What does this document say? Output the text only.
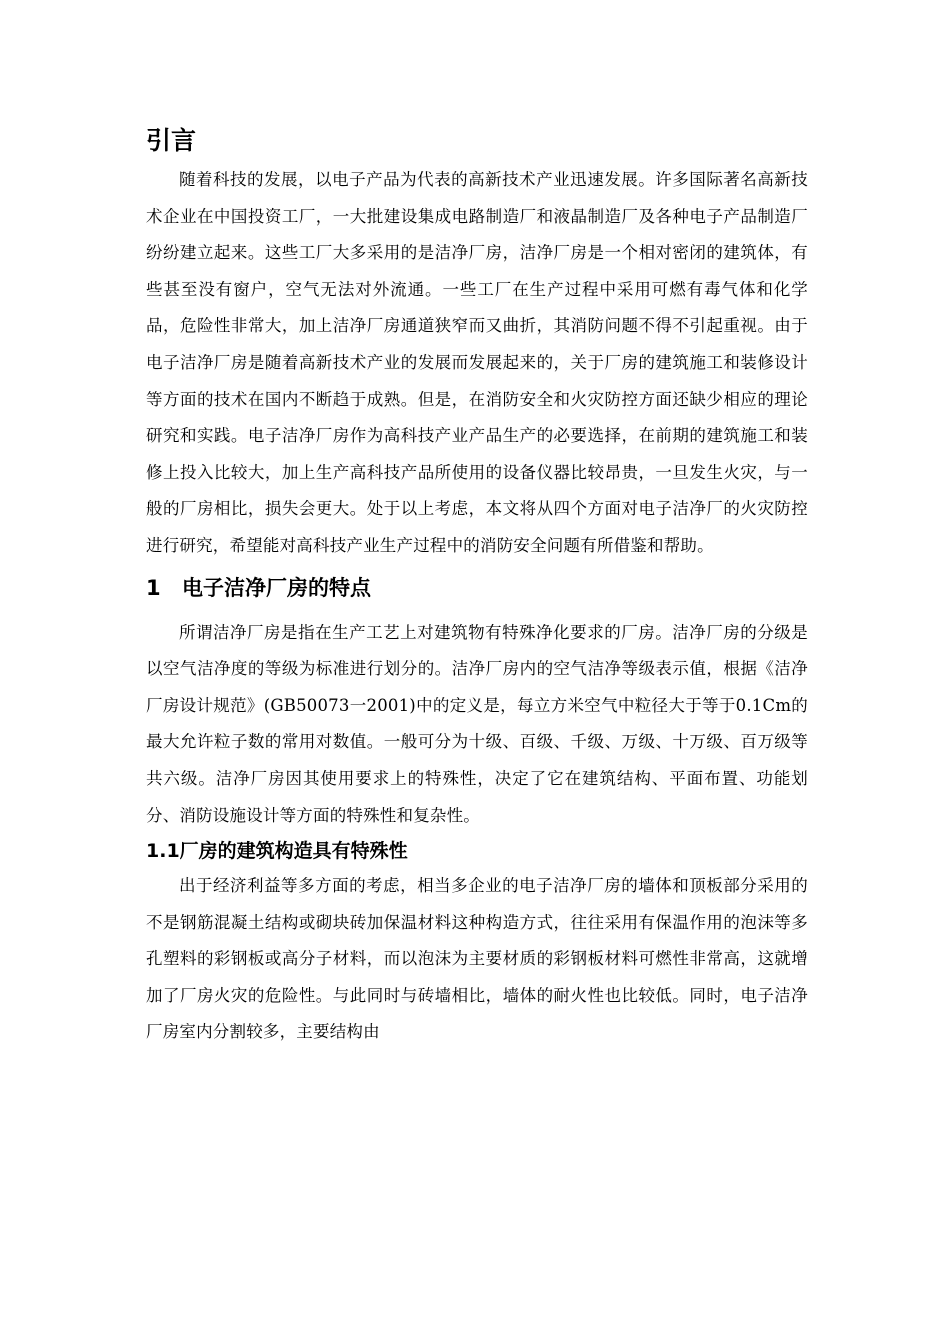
引言

随着科技的发展，以电子产品为代表的高新技术产业迅速发展。许多国际著名高新技术企业在中国投资工厂，一大批建设集成电路制造厂和液晶制造厂及各种电子产品制造厂纷纷建立起来。这些工厂大多采用的是洁净厂房，洁净厂房是一个相对密闭的建筑体，有些甚至没有窗户，空气无法对外流通。一些工厂在生产过程中采用可燃有毒气体和化学品，危险性非常大，加上洁净厂房通道狭窄而又曲折，其消防问题不得不引起重视。由于电子洁净厂房是随着高新技术产业的发展而发展起来的，关于厂房的建筑施工和装修设计等方面的技术在国内不断趋于成熟。但是，在消防安全和火灾防控方面还缺少相应的理论研究和实践。电子洁净厂房作为高科技产业产品生产的必要选择，在前期的建筑施工和装修上投入比较大，加上生产高科技产品所使用的设备仪器比较昂贵，一旦发生火灾，与一般的厂房相比，损失会更大。处于以上考虑，本文将从四个方面对电子洁净厂的火灾防控进行研究，希望能对高科技产业生产过程中的消防安全问题有所借鉴和帮助。

1 电子洁净厂房的特点

所谓洁净厂房是指在生产工艺上对建筑物有特殊净化要求的厂房。洁净厂房的分级是以空气洁净度的等级为标准进行划分的。洁净厂房内的空气洁净等级表示值，根据《洁净厂房设计规范》(GB50073一2001)中的定义是，每立方米空气中粒径大于等于0.1Cm的最大允许粒子数的常用对数值。一般可分为十级、百级、千级、万级、十万级、百万级等共六级。洁净厂房因其使用要求上的特殊性，决定了它在建筑结构、平面布置、功能划分、消防设施设计等方面的特殊性和复杂性。

1.1厂房的建筑构造具有特殊性

出于经济利益等多方面的考虑，相当多企业的电子洁净厂房的墙体和顶板部分采用的不是钢筋混凝土结构或砌块砖加保温材料这种构造方式，往往采用有保温作用的泡沫等多孔塑料的彩钢板或高分子材料，而以泡沫为主要材质的彩钢板材料可燃性非常高，这就增加了厂房火灾的危险性。与此同时与砖墙相比，墙体的耐火性也比较低。同时，电子洁净厂房室内分割较多，主要结构由
